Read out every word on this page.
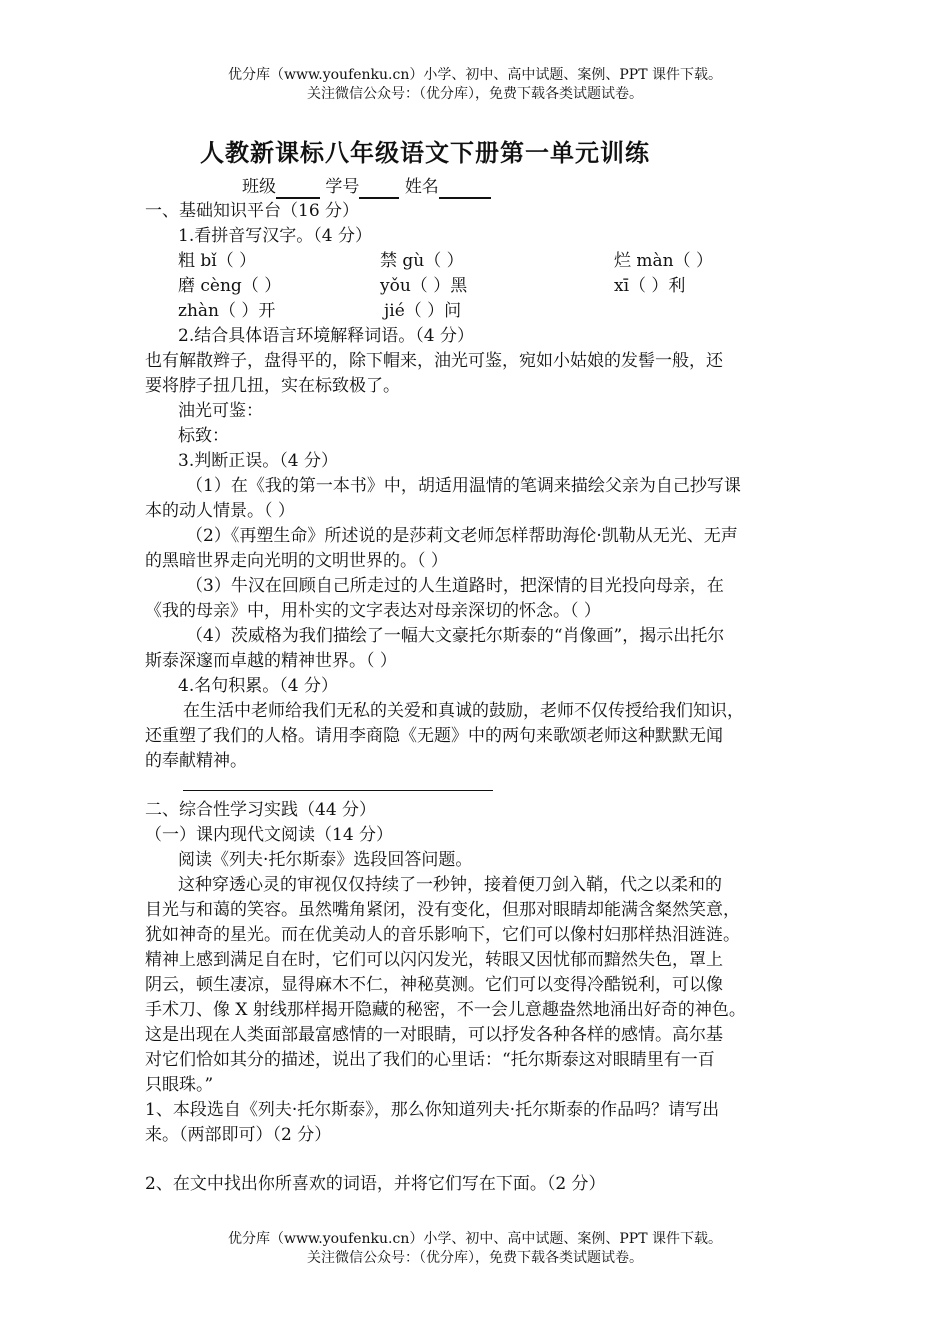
优分库（www.youfenku.cn）小学、初中、高中试题、案例、PPT 课件下载。
关注微信公众号：（优分库），免费下载各类试题试卷。
人教新课标八年级语文下册第一单元训练
班级	学号	姓名
一、基础知识平台（16 分）
1.看拼音写汉字。（4 分）
粗 bǐ（ ）	禁 gù（ ）	烂 màn（ ）
磨 cèng（ ）	yǒu（ ）黑	xī（ ）利
zhàn（ ）开	jié（ ）问
2.结合具体语言环境解释词语。（4 分）
也有解散辫子，盘得平的，除下帽来，油光可鉴，宛如小姑娘的发髻一般，还
要将脖子扭几扭，实在标致极了。
油光可鉴：
标致：
3.判断正误。（4 分）
（1）在《我的第一本书》中，胡适用温情的笔调来描绘父亲为自己抄写课
本的动人情景。（ ）
（2）《再塑生命》所述说的是莎莉文老师怎样帮助海伦·凯勒从无光、无声
的黑暗世界走向光明的文明世界的。（ ）
（3）牛汉在回顾自己所走过的人生道路时，把深情的目光投向母亲，在
《我的母亲》中，用朴实的文字表达对母亲深切的怀念。（ ）
（4）茨威格为我们描绘了一幅大文豪托尔斯泰的“肖像画”，揭示出托尔
斯泰深邃而卓越的精神世界。（ ）
4.名句积累。（4 分）
在生活中老师给我们无私的关爱和真诚的鼓励，老师不仅传授给我们知识，
还重塑了我们的人格。请用李商隐《无题》中的两句来歌颂老师这种默默无闻
的奉献精神。
二、综合性学习实践（44 分）
（一）课内现代文阅读（14 分）
阅读《列夫·托尔斯泰》选段回答问题。
这种穿透心灵的审视仅仅持续了一秒钟，接着便刀剑入鞘，代之以柔和的
目光与和蔼的笑容。虽然嘴角紧闭，没有变化，但那对眼睛却能满含粲然笑意，
犹如神奇的星光。而在优美动人的音乐影响下，它们可以像村妇那样热泪涟涟。
精神上感到满足自在时，它们可以闪闪发光，转眼又因忧郁而黯然失色，罩上
阴云，顿生凄凉，显得麻木不仁，神秘莫测。它们可以变得冷酷锐利，可以像
手术刀、像 X 射线那样揭开隐藏的秘密，不一会儿意趣盎然地涌出好奇的神色。
这是出现在人类面部最富感情的一对眼睛，可以抒发各种各样的感情。高尔基
对它们恰如其分的描述，说出了我们的心里话：“托尔斯泰这对眼睛里有一百
只眼珠。”
1、本段选自《列夫·托尔斯泰》，那么你知道列夫·托尔斯泰的作品吗？请写出
来。（两部即可）（2 分）
2、在文中找出你所喜欢的词语，并将它们写在下面。（2 分）
优分库（www.youfenku.cn）小学、初中、高中试题、案例、PPT 课件下载。
关注微信公众号：（优分库），免费下载各类试题试卷。
